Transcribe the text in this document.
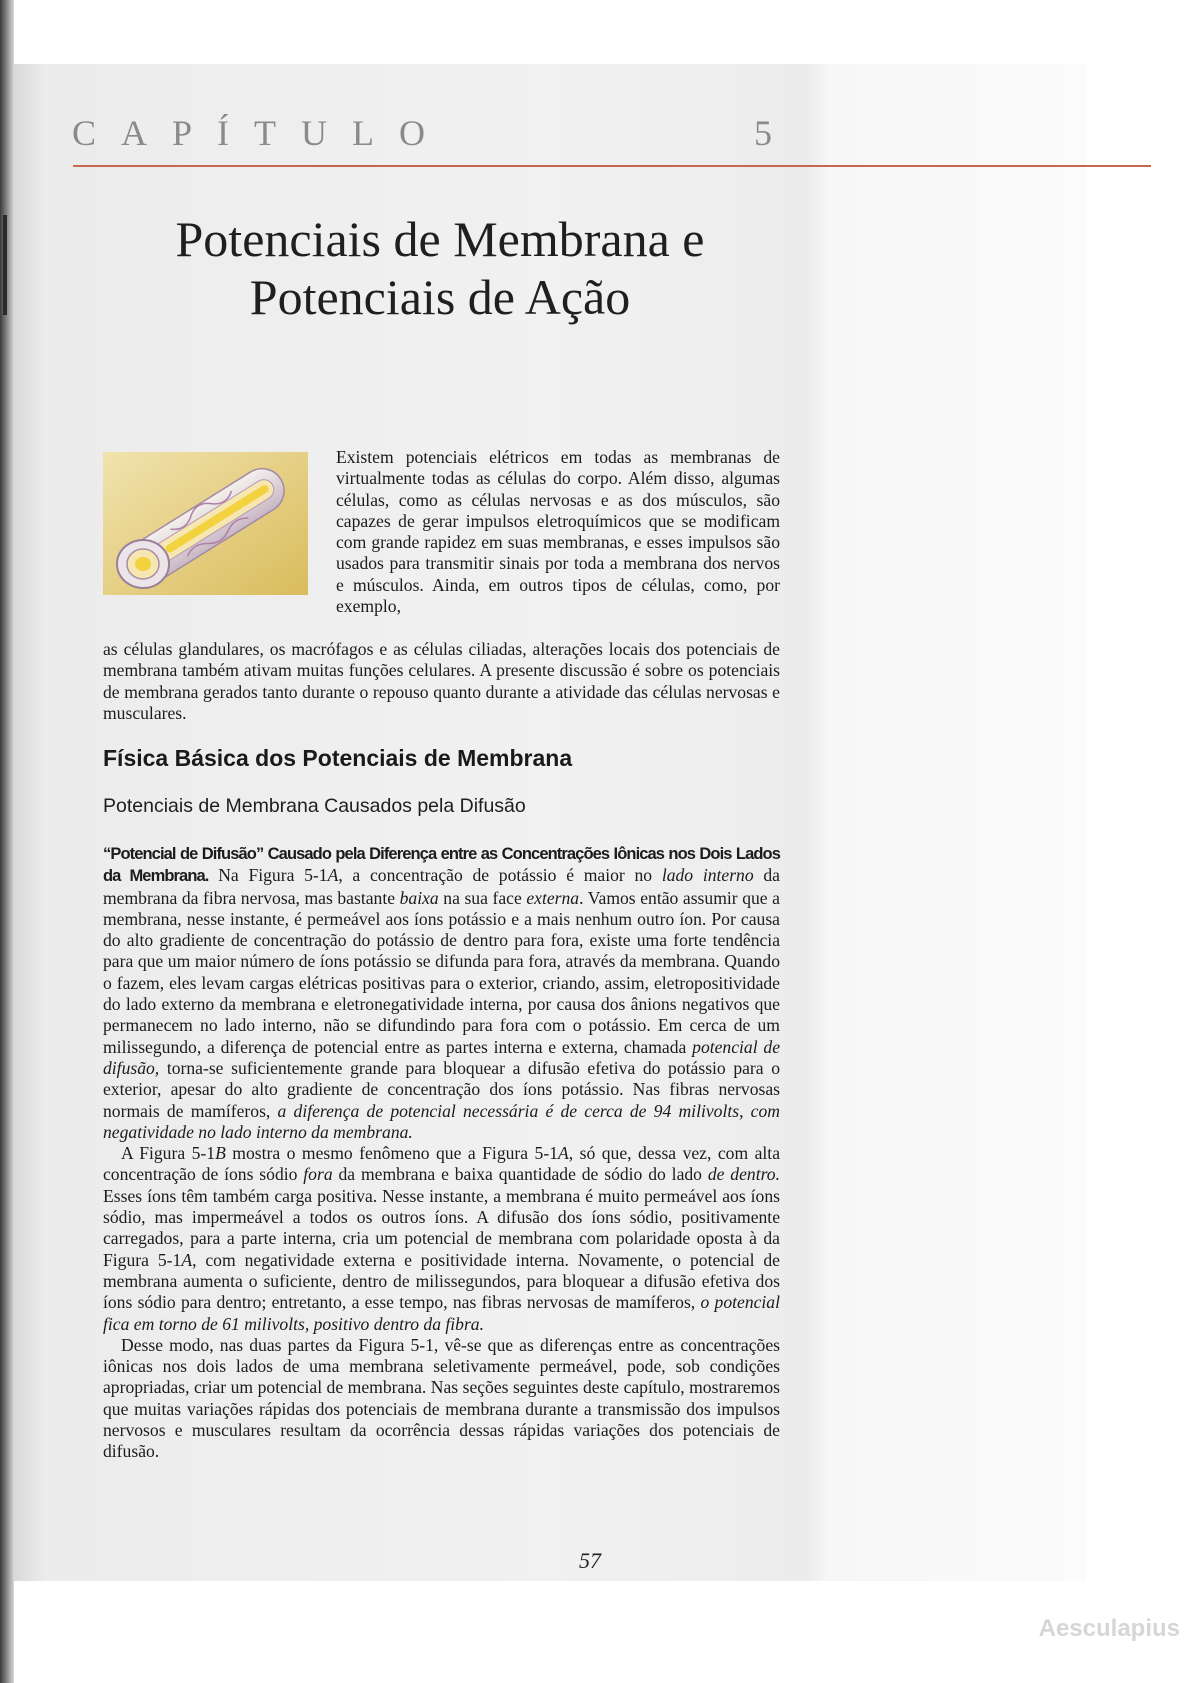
CAPÍTULO	5
Potenciais de Membrana e
Potenciais de Ação

Existem potenciais elétricos em todas as membranas de virtualmente todas as células do corpo. Além disso, algumas células, como as células nervosas e as dos músculos, são capazes de gerar impulsos eletroquímicos que se modificam com grande rapidez em suas membranas, e esses impulsos são usados para transmitir sinais por toda a membrana dos nervos e músculos. Ainda, em outros tipos de células, como, por exemplo,

as células glandulares, os macrófagos e as células ciliadas, alterações locais dos potenciais de membrana também ativam muitas funções celulares. A presente discussão é sobre os potenciais de membrana gerados tanto durante o repouso quanto durante a atividade das células nervosas e musculares.

Física Básica dos Potenciais de Membrana
Potenciais de Membrana Causados pela Difusão

“Potencial de Difusão” Causado pela Diferença entre as Concentrações Iônicas nos Dois Lados da Membrana. Na Figura 5-1A, a concentração de potássio é maior no lado interno da membrana da fibra nervosa, mas bastante baixa na sua face externa. Vamos então assumir que a membrana, nesse instante, é permeável aos íons potássio e a mais nenhum outro íon. Por causa do alto gradiente de concentração do potássio de dentro para fora, existe uma forte tendência para que um maior número de íons potássio se difunda para fora, através da membrana. Quando o fazem, eles levam cargas elétricas positivas para o exterior, criando, assim, eletropositividade do lado externo da membrana e eletronegatividade interna, por causa dos ânions negativos que permanecem no lado interno, não se difundindo para fora com o potássio. Em cerca de um milissegundo, a diferença de potencial entre as partes interna e externa, chamada potencial de difusão, torna-se suficientemente grande para bloquear a difusão efetiva do potássio para o exterior, apesar do alto gradiente de concentração dos íons potássio. Nas fibras nervosas normais de mamíferos, a diferença de potencial necessária é de cerca de 94 milivolts, com negatividade no lado interno da membrana.

A Figura 5-1B mostra o mesmo fenômeno que a Figura 5-1A, só que, dessa vez, com alta concentração de íons sódio fora da membrana e baixa quantidade de sódio do lado de dentro. Esses íons têm também carga positiva. Nesse instante, a membrana é muito permeável aos íons sódio, mas impermeável a todos os outros íons. A difusão dos íons sódio, positivamente carregados, para a parte interna, cria um potencial de membrana com polaridade oposta à da Figura 5-1A, com negatividade externa e positividade interna. Novamente, o potencial de membrana aumenta o suficiente, dentro de milissegundos, para bloquear a difusão efetiva dos íons sódio para dentro; entretanto, a esse tempo, nas fibras nervosas de mamíferos, o potencial fica em torno de 61 milivolts, positivo dentro da fibra.

Desse modo, nas duas partes da Figura 5-1, vê-se que as diferenças entre as concentrações iônicas nos dois lados de uma membrana seletivamente permeável, pode, sob condições apropriadas, criar um potencial de membrana. Nas seções seguintes deste capítulo, mostraremos que muitas variações rápidas dos potenciais de membrana durante a transmissão dos impulsos nervosos e musculares resultam da ocorrência dessas rápidas variações dos potenciais de difusão.

57
Aesculapius
